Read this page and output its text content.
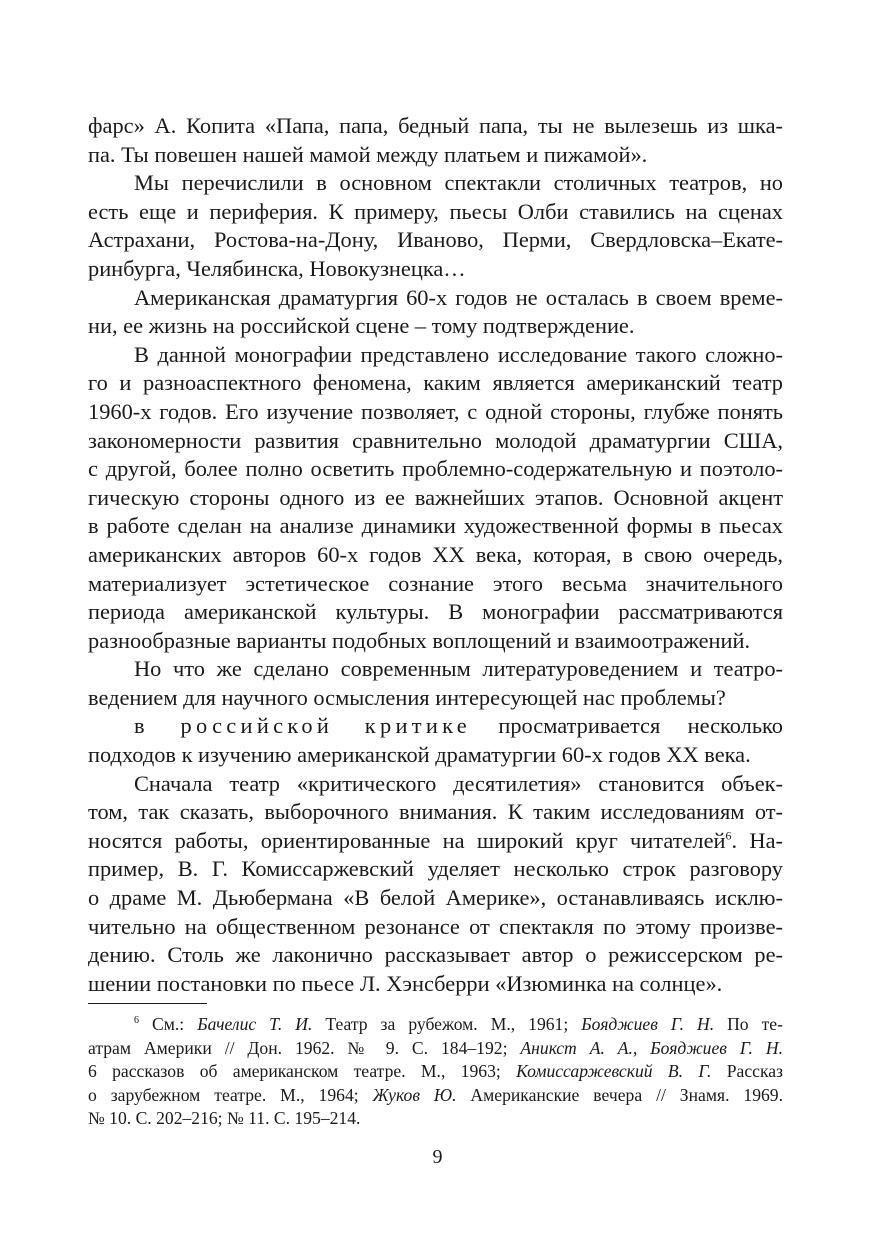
фарс» А. Копита «Папа, папа, бедный папа, ты не вылезешь из шка-
па. Ты повешен нашей мамой между платьем и пижамой».
Мы перечислили в основном спектакли столичных театров, но
есть еще и периферия. К примеру, пьесы Олби ставились на сценах
Астрахани, Ростова-на-Дону, Иваново, Перми, Свердловска–Екате-
ринбурга, Челябинска, Новокузнецка…
Американская драматургия 60-х годов не осталась в своем време-
ни, ее жизнь на российской сцене – тому подтверждение.
В данной монографии представлено исследование такого сложно-
го и разноаспектного феномена, каким является американский театр
1960-х годов. Его изучение позволяет, с одной стороны, глубже понять
закономерности развития сравнительно молодой драматургии США,
с другой, более полно осветить проблемно-содержательную и поэтоло-
гическую стороны одного из ее важнейших этапов. Основной акцент
в работе сделан на анализе динамики художественной формы в пьесах
американских авторов 60-х годов ХХ века, которая, в свою очередь,
материализует эстетическое сознание этого весьма значительного
периода американской культуры. В монографии рассматриваются
разнообразные варианты подобных воплощений и взаимоотражений.
Но что же сделано современным литературоведением и театро-
ведением для научного осмысления интересующей нас проблемы?
в российской критике просматривается несколько
подходов к изучению американской драматургии 60-х годов ХХ века.
Сначала театр «критического десятилетия» становится объек-
том, так сказать, выборочного внимания. К таким исследованиям от-
носятся работы, ориентированные на широкий круг читателей$^6$. На-
пример, В. Г. Комиссаржевский уделяет несколько строк разговору
о драме М. Дьюбермана «В белой Америке», останавливаясь исклю-
чительно на общественном резонансе от спектакля по этому произве-
дению. Столь же лаконично рассказывает автор о режиссерском ре-
шении постановки по пьесе Л. Хэнсберри «Изюминка на солнце».
$^6$ См.: Бачелис Т. И. Театр за рубежом. М., 1961; Бояджиев Г. Н. По те-
атрам Америки // Дон. 1962. № 9. С. 184–192; Аникст А. А., Бояджиев Г. Н.
6 рассказов об американском театре. М., 1963; Комиссаржевский В. Г. Рассказ
о зарубежном театре. М., 1964; Жуков Ю. Американские вечера // Знамя. 1969.
№ 10. С. 202–216; № 11. С. 195–214.
9
